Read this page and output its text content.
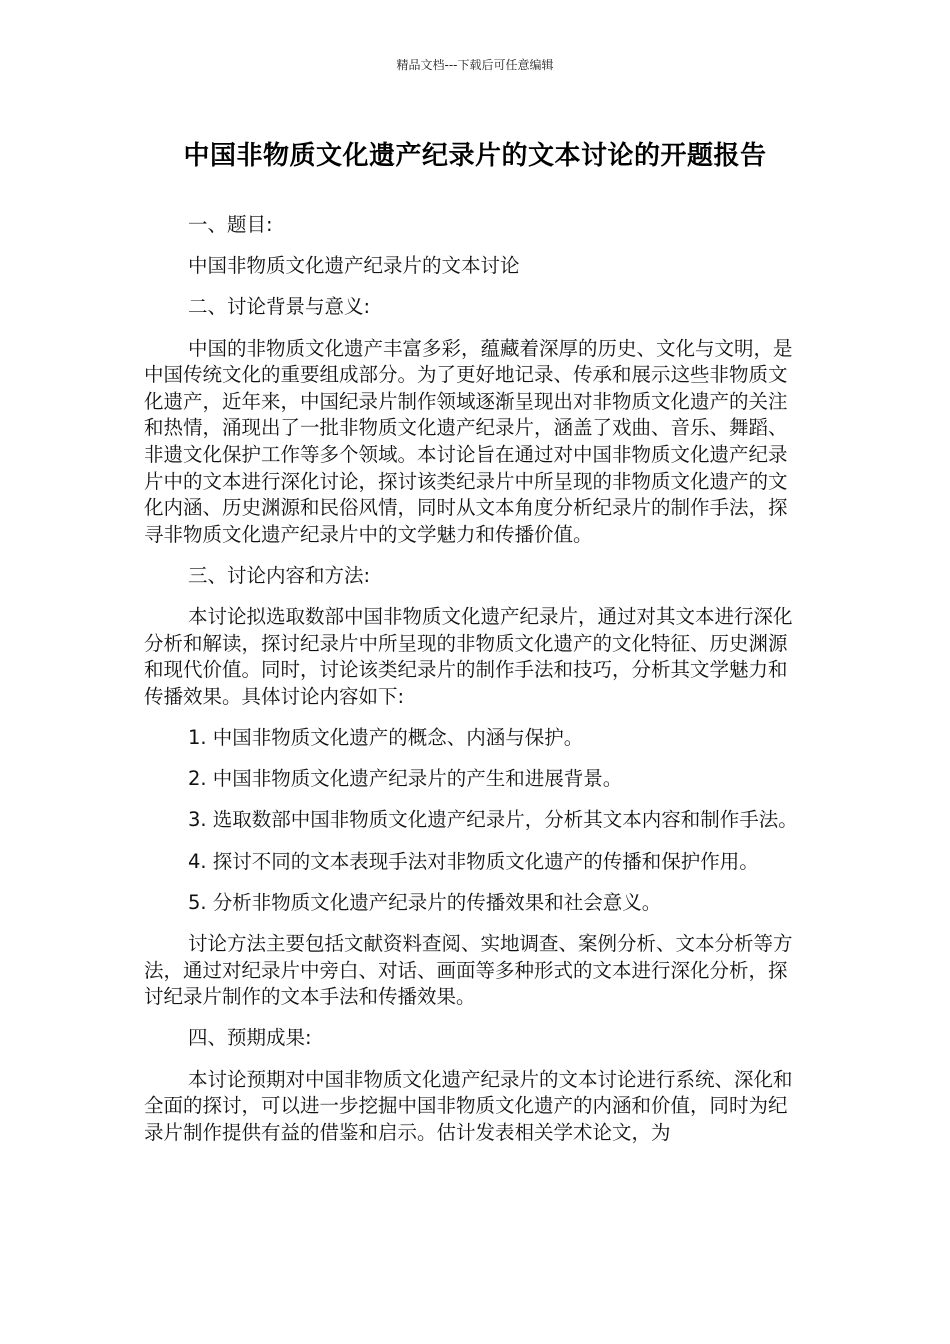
精品文档---下载后可任意编辑
中国非物质文化遗产纪录片的文本讨论的开题报告

一、题目:

中国非物质文化遗产纪录片的文本讨论

二、讨论背景与意义:

中国的非物质文化遗产丰富多彩，蕴藏着深厚的历史、文化与文明，是中国传统文化的重要组成部分。为了更好地记录、传承和展示这些非物质文化遗产，近年来，中国纪录片制作领域逐渐呈现出对非物质文化遗产的关注和热情，涌现出了一批非物质文化遗产纪录片，涵盖了戏曲、音乐、舞蹈、非遗文化保护工作等多个领域。本讨论旨在通过对中国非物质文化遗产纪录片中的文本进行深化讨论，探讨该类纪录片中所呈现的非物质文化遗产的文化内涵、历史渊源和民俗风情，同时从文本角度分析纪录片的制作手法，探寻非物质文化遗产纪录片中的文学魅力和传播价值。

三、讨论内容和方法:

本讨论拟选取数部中国非物质文化遗产纪录片，通过对其文本进行深化分析和解读，探讨纪录片中所呈现的非物质文化遗产的文化特征、历史渊源和现代价值。同时，讨论该类纪录片的制作手法和技巧，分析其文学魅力和传播效果。具体讨论内容如下:

1. 中国非物质文化遗产的概念、内涵与保护。

2. 中国非物质文化遗产纪录片的产生和进展背景。

3. 选取数部中国非物质文化遗产纪录片，分析其文本内容和制作手法。

4. 探讨不同的文本表现手法对非物质文化遗产的传播和保护作用。

5. 分析非物质文化遗产纪录片的传播效果和社会意义。

讨论方法主要包括文献资料查阅、实地调查、案例分析、文本分析等方法，通过对纪录片中旁白、对话、画面等多种形式的文本进行深化分析，探讨纪录片制作的文本手法和传播效果。

四、预期成果:

本讨论预期对中国非物质文化遗产纪录片的文本讨论进行系统、深化和全面的探讨，可以进一步挖掘中国非物质文化遗产的内涵和价值，同时为纪录片制作提供有益的借鉴和启示。估计发表相关学术论文，为
